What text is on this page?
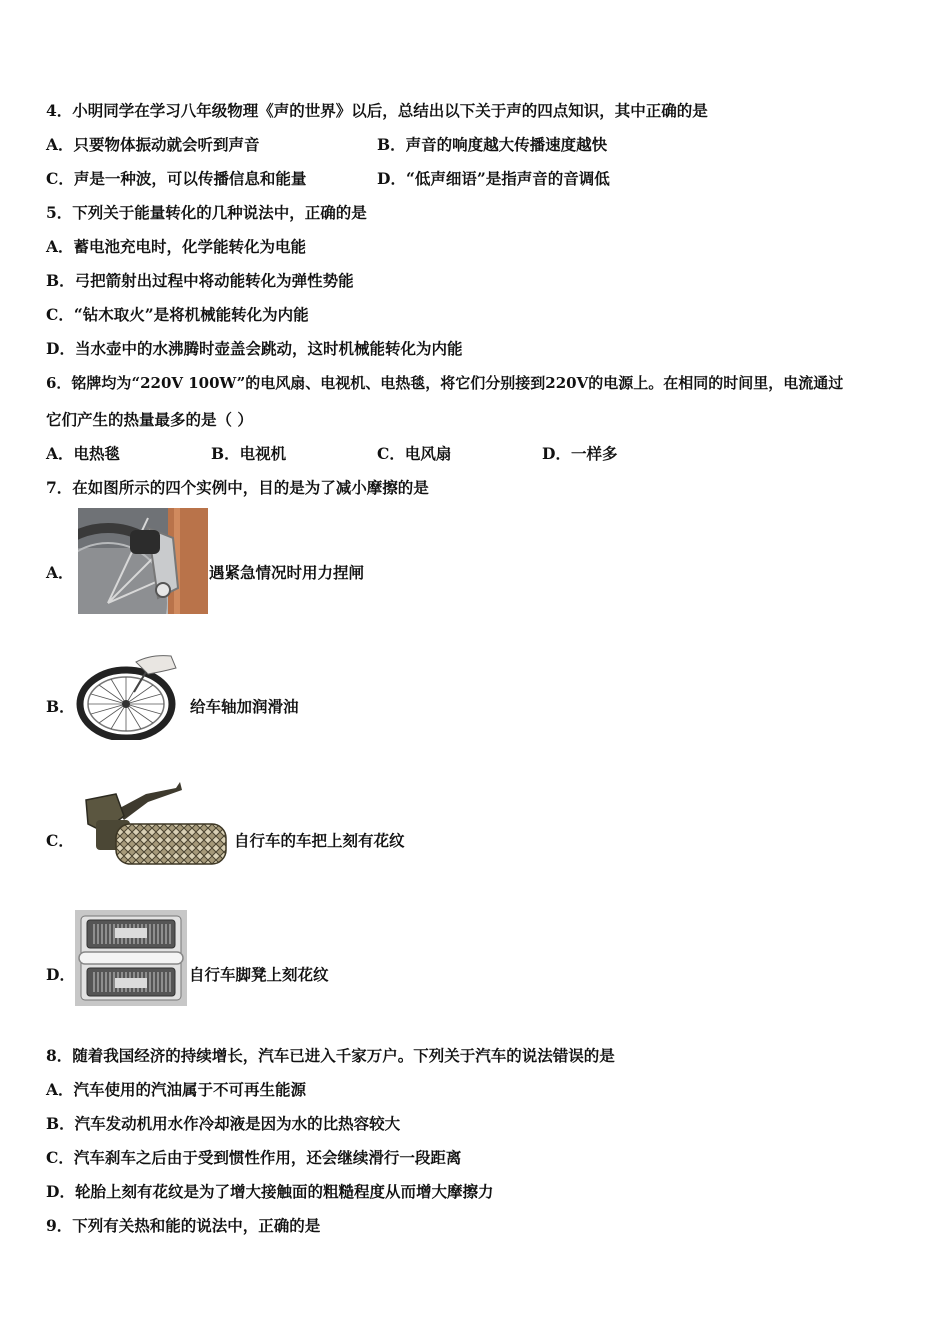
4．小明同学在学习八年级物理《声的世界》以后，总结出以下关于声的四点知识，其中正确的是
A．只要物体振动就会听到声音	B．声音的响度越大传播速度越快
C．声是一种波，可以传播信息和能量	D．“低声细语”是指声音的音调低
5．下列关于能量转化的几种说法中，正确的是
A．蓄电池充电时，化学能转化为电能
B．弓把箭射出过程中将动能转化为弹性势能
C．“钻木取火”是将机械能转化为内能
D．当水壶中的水沸腾时壶盖会跳动，这时机械能转化为内能
6．铭牌均为“220V 100W”的电风扇、电视机、电热毯，将它们分别接到220V的电源上。在相同的时间里，电流通过
它们产生的热量最多的是（ ）
A．电热毯	B．电视机	C．电风扇	D．一样多
7．在如图所示的四个实例中，目的是为了减小摩擦的是
A．	遇紧急情况时用力捏闸
B．	给车轴加润滑油
C．	自行车的车把上刻有花纹
D．	自行车脚凳上刻花纹
8．随着我国经济的持续增长，汽车已进入千家万户。下列关于汽车的说法错误的是
A．汽车使用的汽油属于不可再生能源
B．汽车发动机用水作冷却液是因为水的比热容较大
C．汽车刹车之后由于受到惯性作用，还会继续滑行一段距离
D．轮胎上刻有花纹是为了增大接触面的粗糙程度从而增大摩擦力
9．下列有关热和能的说法中，正确的是
